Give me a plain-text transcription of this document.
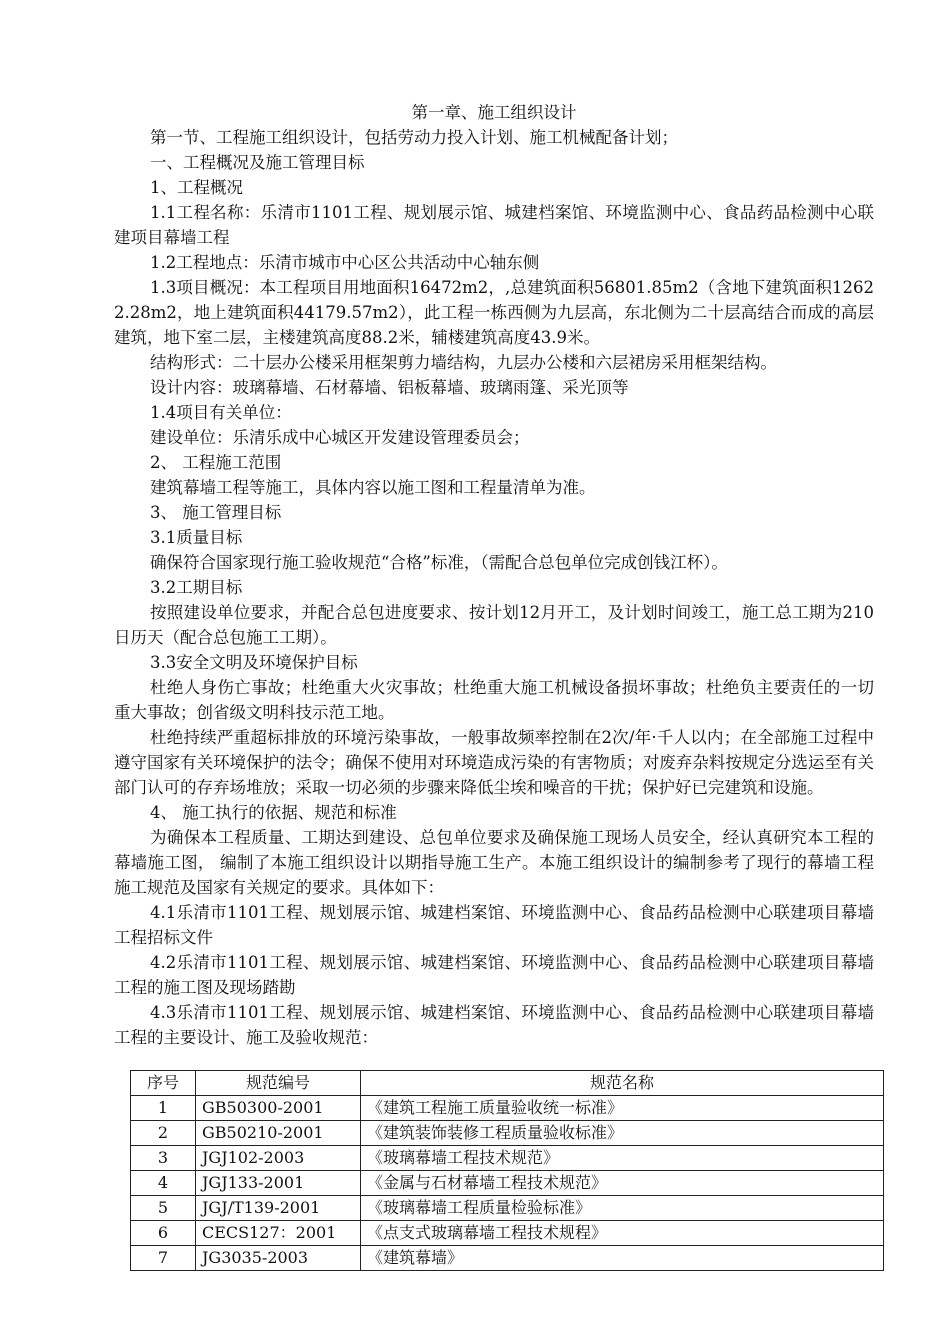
第一章、施工组织设计

第一节、工程施工组织设计，包括劳动力投入计划、施工机械配备计划；

一、工程概况及施工管理目标

1、工程概况

1.1工程名称：乐清市1101工程、规划展示馆、城建档案馆、环境监测中心、食品药品检测中心联建项目幕墙工程

1.2工程地点：乐清市城市中心区公共活动中心轴东侧

1.3项目概况：本工程项目用地面积16472m2，,总建筑面积56801.85m2（含地下建筑面积12622.28m2，地上建筑面积44179.57m2），此工程一栋西侧为九层高，东北侧为二十层高结合而成的高层建筑，地下室二层，主楼建筑高度88.2米，辅楼建筑高度43.9米。

结构形式：二十层办公楼采用框架剪力墙结构，九层办公楼和六层裙房采用框架结构。

设计内容：玻璃幕墙、石材幕墙、铝板幕墙、玻璃雨篷、采光顶等

1.4项目有关单位：

建设单位：乐清乐成中心城区开发建设管理委员会；

2、 工程施工范围

建筑幕墙工程等施工，具体内容以施工图和工程量清单为准。

3、 施工管理目标

3.1质量目标

确保符合国家现行施工验收规范“合格”标准，（需配合总包单位完成创钱江杯）。

3.2工期目标

按照建设单位要求，并配合总包进度要求、按计划12月开工，及计划时间竣工，施工总工期为210日历天（配合总包施工工期）。

3.3安全文明及环境保护目标

杜绝人身伤亡事故；杜绝重大火灾事故；杜绝重大施工机械设备损坏事故；杜绝负主要责任的一切重大事故；创省级文明科技示范工地。

杜绝持续严重超标排放的环境污染事故，一般事故频率控制在2次/年·千人以内；在全部施工过程中遵守国家有关环境保护的法令；确保不使用对环境造成污染的有害物质；对废弃杂料按规定分选运至有关部门认可的存弃场堆放；采取一切必须的步骤来降低尘埃和噪音的干扰；保护好已完建筑和设施。

4、 施工执行的依据、规范和标准

为确保本工程质量、工期达到建设、总包单位要求及确保施工现场人员安全，经认真研究本工程的幕墙施工图， 编制了本施工组织设计以期指导施工生产。本施工组织设计的编制参考了现行的幕墙工程施工规范及国家有关规定的要求。具体如下：

4.1乐清市1101工程、规划展示馆、城建档案馆、环境监测中心、食品药品检测中心联建项目幕墙工程招标文件

4.2乐清市1101工程、规划展示馆、城建档案馆、环境监测中心、食品药品检测中心联建项目幕墙工程的施工图及现场踏勘

4.3乐清市1101工程、规划展示馆、城建档案馆、环境监测中心、食品药品检测中心联建项目幕墙工程的主要设计、施工及验收规范：

序号	规范编号	规范名称
1	GB50300-2001	《建筑工程施工质量验收统一标准》
2	GB50210-2001	《建筑装饰装修工程质量验收标准》
3	JGJ102-2003	《玻璃幕墙工程技术规范》
4	JGJ133-2001	《金属与石材幕墙工程技术规范》
5	JGJ/T139-2001	《玻璃幕墙工程质量检验标准》
6	CECS127：2001	《点支式玻璃幕墙工程技术规程》
7	JG3035-2003	《建筑幕墙》
